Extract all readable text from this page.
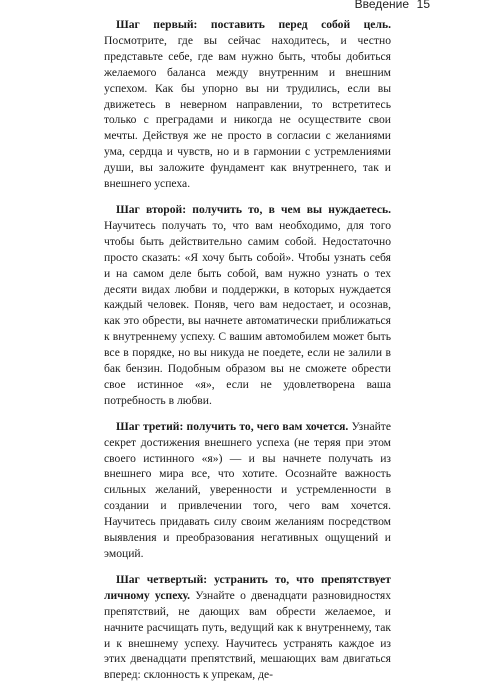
Введение 15

Шаг первый: поставить перед собой цель. Посмотрите, где вы сейчас находитесь, и честно представьте себе, где вам нужно быть, чтобы добиться желаемого баланса между внутренним и внешним успехом. Как бы упорно вы ни трудились, если вы движетесь в неверном направлении, то встретитесь только с преградами и никогда не осуществите свои мечты. Действуя же не просто в согласии с желаниями ума, сердца и чувств, но и в гармонии с устремлениями души, вы заложите фундамент как внутреннего, так и внешнего успеха.

Шаг второй: получить то, в чем вы нуждаетесь. Научитесь получать то, что вам необходимо, для того чтобы быть действительно самим собой. Недостаточно просто сказать: «Я хочу быть собой». Чтобы узнать себя и на самом деле быть собой, вам нужно узнать о тех десяти видах любви и поддержки, в которых нуждается каждый человек. Поняв, чего вам недостает, и осознав, как это обрести, вы начнете автоматически приближаться к внутреннему успеху. С вашим автомобилем может быть все в порядке, но вы никуда не поедете, если не залили в бак бензин. Подобным образом вы не сможете обрести свое истинное «я», если не удовлетворена ваша потребность в любви.

Шаг третий: получить то, чего вам хочется. Узнайте секрет достижения внешнего успеха (не теряя при этом своего истинного «я») — и вы начнете получать из внешнего мира все, что хотите. Осознайте важность сильных желаний, уверенности и устремленности в создании и привлечении того, чего вам хочется. Научитесь придавать силу своим желаниям посредством выявления и преобразования негативных ощущений и эмоций.

Шаг четвертый: устранить то, что препятствует личному успеху. Узнайте о двенадцати разновидностях препятствий, не дающих вам обрести желаемое, и начните расчищать путь, ведущий как к внутреннему, так и к внешнему успеху. Научитесь устранять каждое из этих двенадцати препятствий, мешающих вам двигаться вперед: склонность к упрекам, де-
